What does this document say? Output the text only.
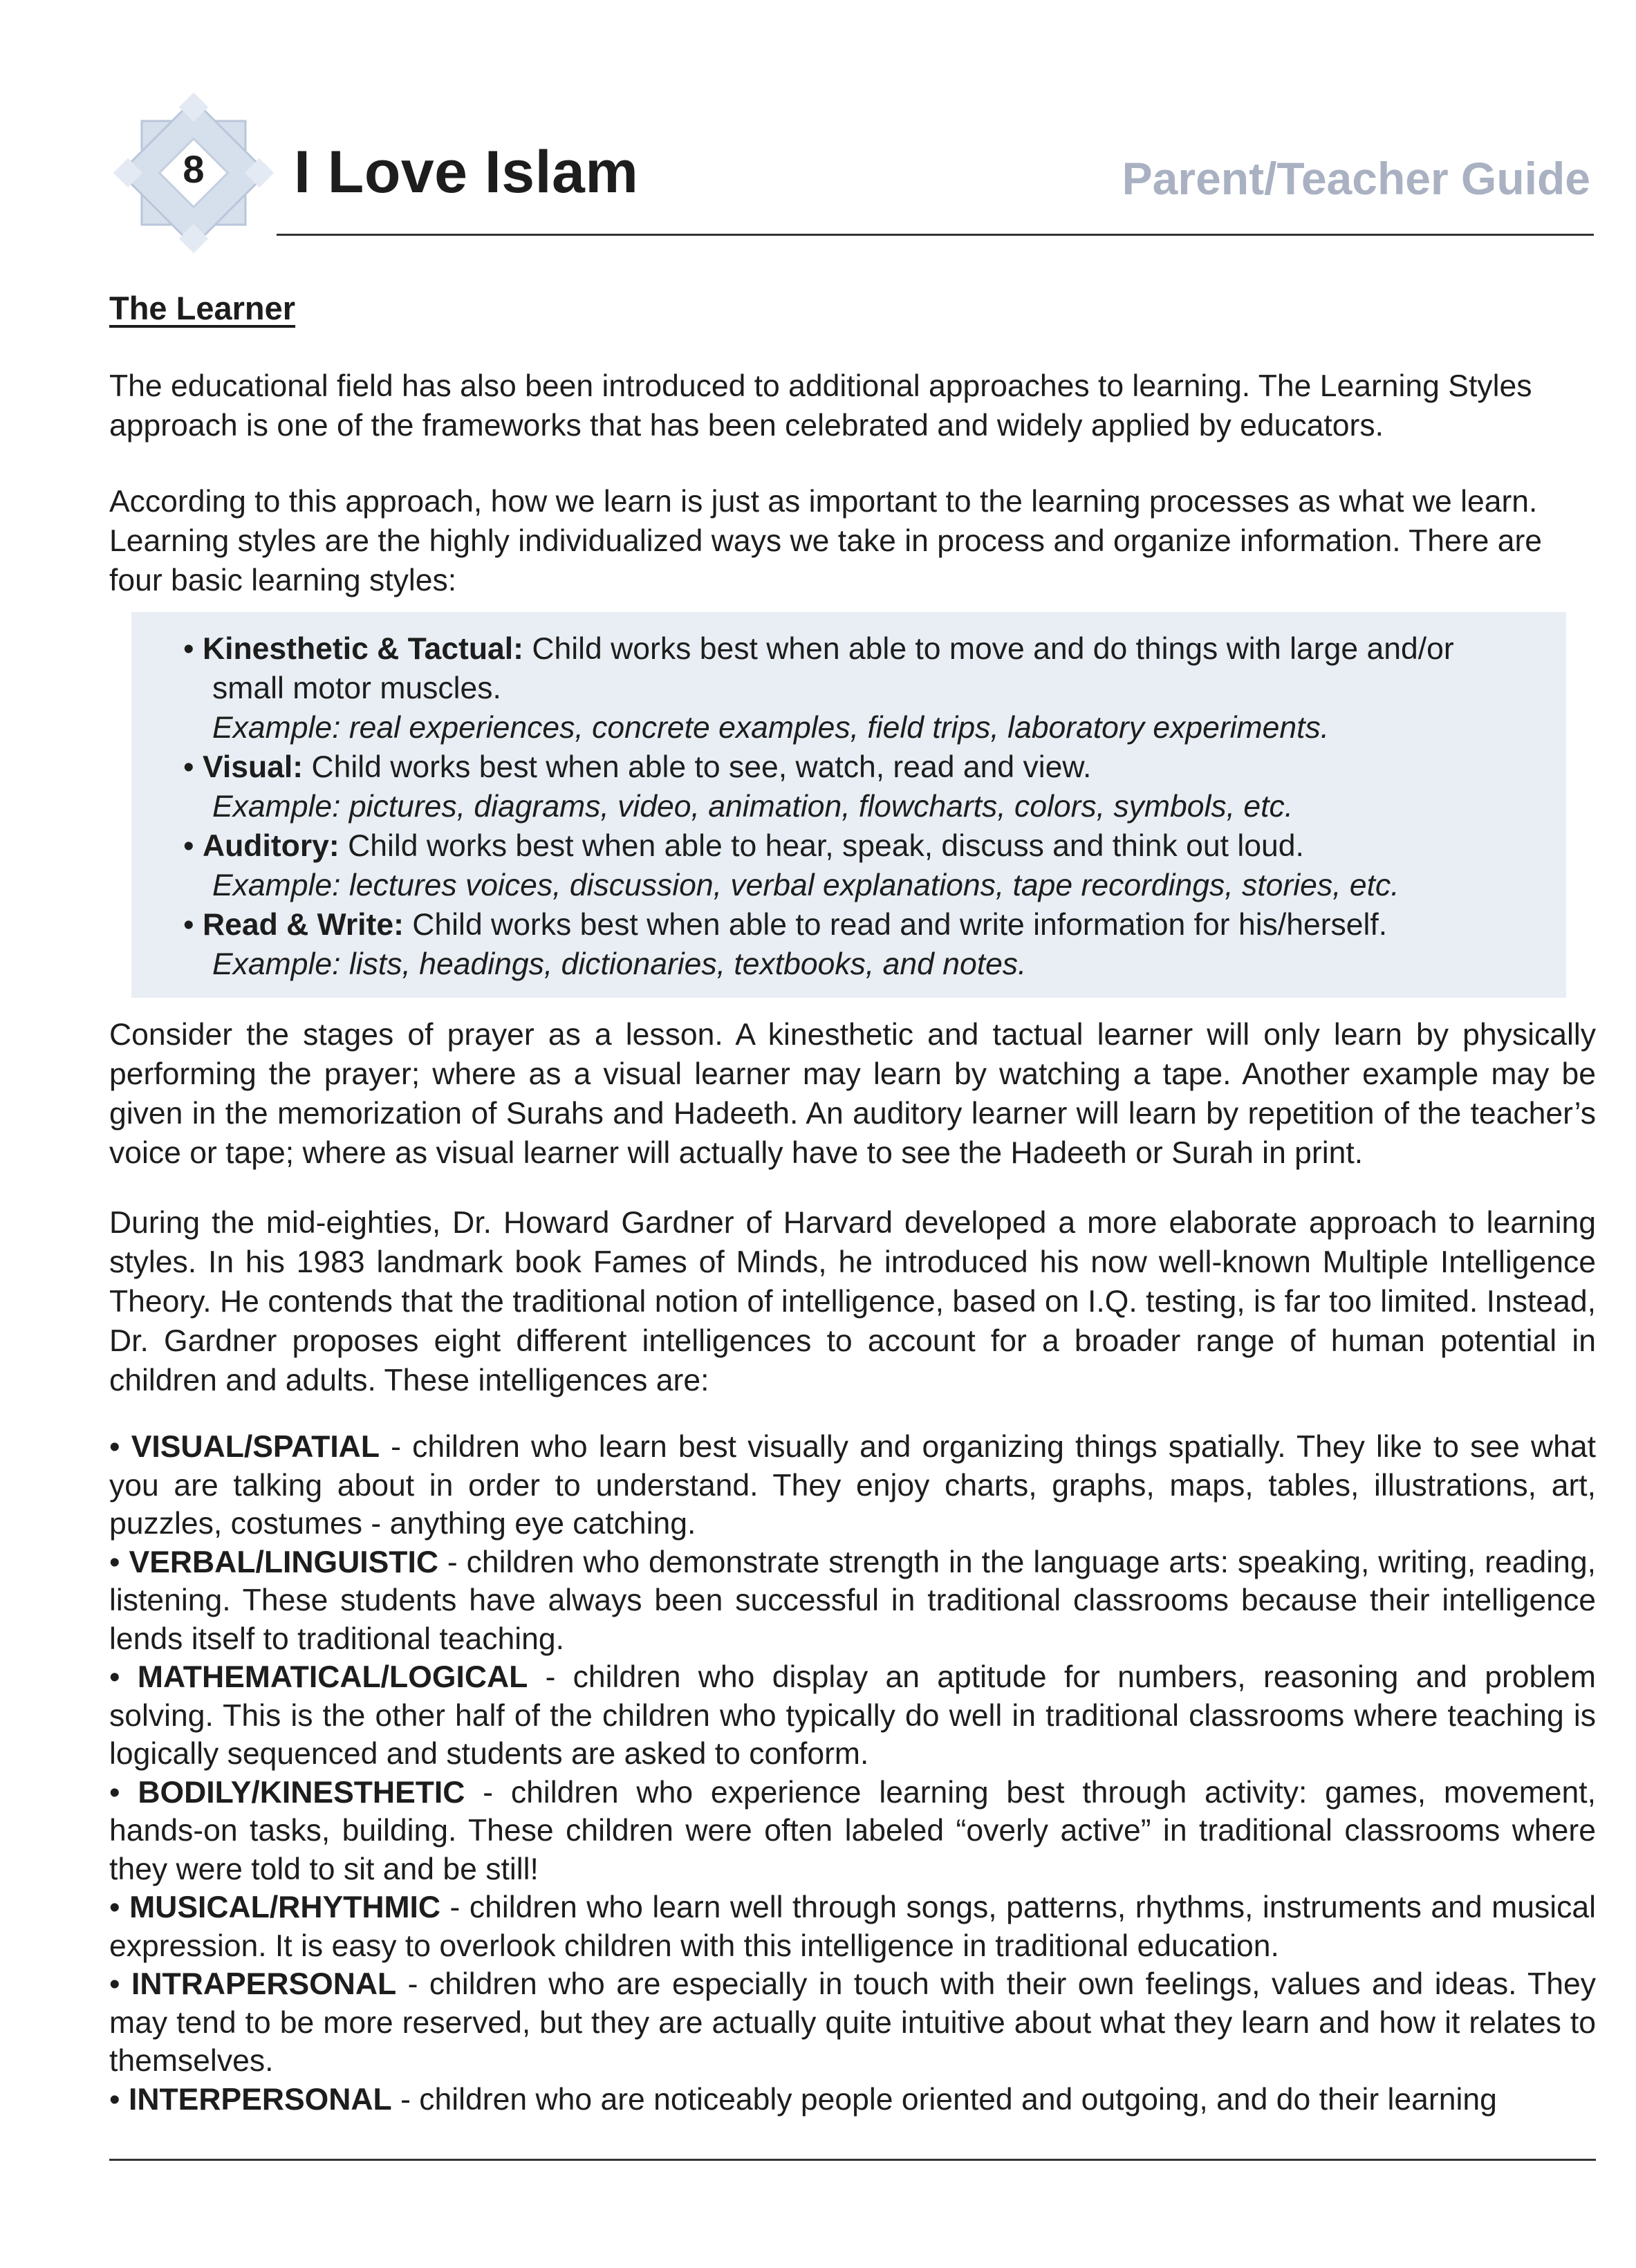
8 I Love Islam	Parent/Teacher Guide
The Learner

The educational field has also been introduced to additional approaches to learning. The Learning Styles approach is one of the frameworks that has been celebrated and widely applied by educators.

According to this approach, how we learn is just as important to the learning processes as what we learn. Learning styles are the highly individualized ways we take in process and organize information. There are four basic learning styles:

• Kinesthetic & Tactual: Child works best when able to move and do things with large and/or
small motor muscles.
Example: real experiences, concrete examples, field trips, laboratory experiments.
• Visual: Child works best when able to see, watch, read and view.
Example: pictures, diagrams, video, animation, flowcharts, colors, symbols, etc.
• Auditory: Child works best when able to hear, speak, discuss and think out loud.
Example: lectures voices, discussion, verbal explanations, tape recordings, stories, etc.
• Read & Write: Child works best when able to read and write information for his/herself.
Example: lists, headings, dictionaries, textbooks, and notes.

Consider the stages of prayer as a lesson. A kinesthetic and tactual learner will only learn by physically performing the prayer; where as a visual learner may learn by watching a tape. Another example may be given in the memorization of Surahs and Hadeeth. An auditory learner will learn by repetition of the teacher’s voice or tape; where as visual learner will actually have to see the Hadeeth or Surah in print.

During the mid-eighties, Dr. Howard Gardner of Harvard developed a more elaborate approach to learning styles. In his 1983 landmark book Fames of Minds, he introduced his now well-known Multiple Intelligence Theory. He contends that the traditional notion of intelligence, based on I.Q. testing, is far too limited. Instead, Dr. Gardner proposes eight different intelligences to account for a broader range of human potential in children and adults. These intelligences are:

• VISUAL/SPATIAL - children who learn best visually and organizing things spatially. They like to see what you are talking about in order to understand. They enjoy charts, graphs, maps, tables, illustrations, art, puzzles, costumes - anything eye catching.

• VERBAL/LINGUISTIC - children who demonstrate strength in the language arts: speaking, writing, reading, listening. These students have always been successful in traditional classrooms because their intelligence lends itself to traditional teaching.

• MATHEMATICAL/LOGICAL - children who display an aptitude for numbers, reasoning and problem solving. This is the other half of the children who typically do well in traditional classrooms where teaching is logically sequenced and students are asked to conform.

• BODILY/KINESTHETIC - children who experience learning best through activity: games, movement, hands-on tasks, building. These children were often labeled “overly active” in traditional classrooms where they were told to sit and be still!

• MUSICAL/RHYTHMIC - children who learn well through songs, patterns, rhythms, instruments and musical expression. It is easy to overlook children with this intelligence in traditional education.

• INTRAPERSONAL - children who are especially in touch with their own feelings, values and ideas. They may tend to be more reserved, but they are actually quite intuitive about what they learn and how it relates to themselves.

• INTERPERSONAL - children who are noticeably people oriented and outgoing, and do their learning
